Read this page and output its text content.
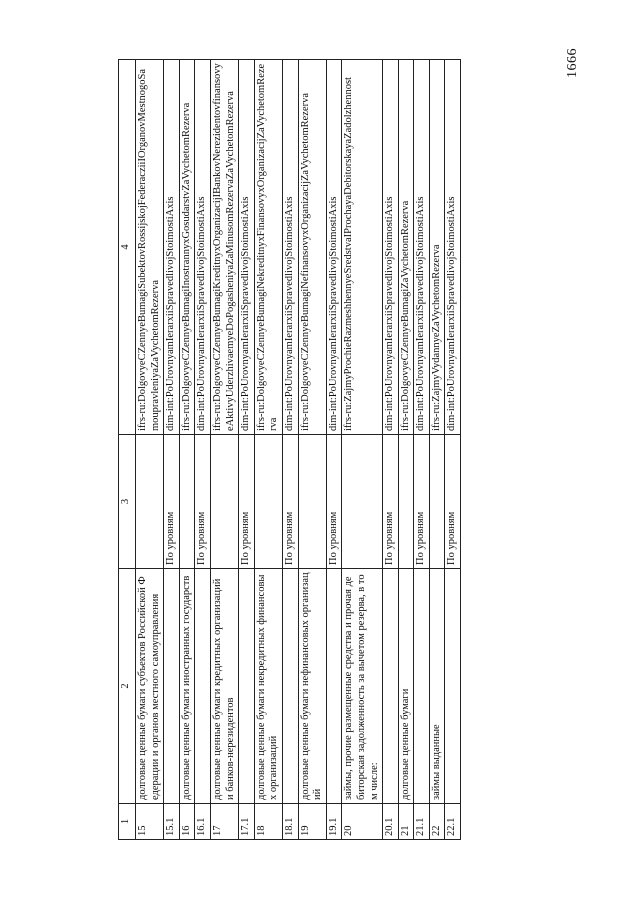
1666
1	2	3	4
15	долговые ценные бумаги субъектов Российской Федерации и органов местного самоуправления		ifrs-ru:DolgovyeCZennyeBumagiSubektovRossijskojFederacziiIOrganovMestnogoSamoupravleniyaZaVychetomRezerva
15.1		По уровням	dim-int:PoUrovnyamIerarxiiSpravedlivojStoimostiAxis
16	долговые ценные бумаги иностранных государств		ifrs-ru:DolgovyeCZennyeBumagiInostrannyxGosudarstvZaVychetomRezerva
16.1		По уровням	dim-int:PoUrovnyamIerarxiiSpravedlivojStoimostiAxis
17	долговые ценные бумаги кредитных организаций и банков-нерезидентов		ifrs-ru:DolgovyeCZennyeBumagiKreditnyxOrganizacijIBankovNerezidentovfinansovyeAktivyUderzhivaemyeDoPogasheniyaZaMinusomRezervaZaVychetomRezerva
17.1		По уровням	dim-int:PoUrovnyamIerarxiiSpravedlivojStoimostiAxis
18	долговые ценные бумаги некредитных финансовых организаций		ifrs-ru:DolgovyeCZennyeBumagiNekreditnyxFinansovyxOrganizacijZaVychetomRezerva
18.1		По уровням	dim-int:PoUrovnyamIerarxiiSpravedlivojStoimostiAxis
19	долговые ценные бумаги нефинансовых организаций		ifrs-ru:DolgovyeCZennyeBumagiNefinansovyxOrganizacijZaVychetomRezerva
19.1		По уровням	dim-int:PoUrovnyamIerarxiiSpravedlivojStoimostiAxis
20	займы, прочие размещенные средства и прочая дебиторская задолженность за вычетом резерва, в том числе:		ifrs-ru:ZajmyProchieRazmeshhennyeSredstvaIProchayaDebitorskayaZadolzhennost
20.1		По уровням	dim-int:PoUrovnyamIerarxiiSpravedlivojStoimostiAxis
21	долговые ценные бумаги		ifrs-ru:DolgovyeCZennyeBumagiZaVychetomRezerva
21.1		По уровням	dim-int:PoUrovnyamIerarxiiSpravedlivojStoimostiAxis
22	займы выданные		ifrs-ru:ZajmyVydannyeZaVychetomRezerva
22.1		По уровням	dim-int:PoUrovnyamIerarxiiSpravedlivojStoimostiAxis
